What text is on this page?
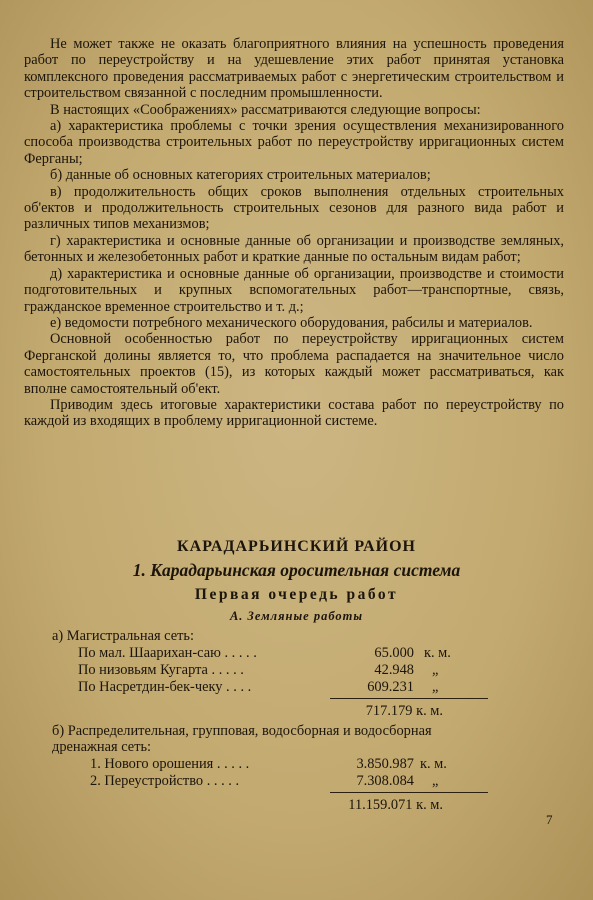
Не может также не оказать благоприятного влияния на успешность проведения работ по переустройству и на удешевление этих работ принятая установка комплексного проведения рассматриваемых работ с энергетическим строительством и строительством связанной с последним промышленности.

В настоящих «Соображениях» рассматриваются следующие вопросы:

а) характеристика проблемы с точки зрения осуществления механизированного способа производства строительных работ по переустройству ирригационных систем Ферганы;

б) данные об основных категориях строительных материалов;

в) продолжительность общих сроков выполнения отдельных строительных об'ектов и продолжительность строительных сезонов для разного вида работ и различных типов механизмов;

г) характеристика и основные данные об организации и производстве земляных, бетонных и железобетонных работ и краткие данные по остальным видам работ;

д) характеристика и основные данные об организации, производстве и стоимости подготовительных и крупных вспомогательных работ—транспортные, связь, гражданское временное строительство и т. д.;

е) ведомости потребного механического оборудования, рабсилы и материалов.

Основной особенностью работ по переустройству ирригационных систем Ферганской долины является то, что проблема распадается на значительное число самостоятельных проектов (15), из которых каждый может рассматриваться, как вполне самостоятельный об'ект.

Приводим здесь итоговые характеристики состава работ по переустройству по каждой из входящих в проблему ирригационной системе.

КАРАДАРЬИНСКИЙ РАЙОН
1. Карадарьинская оросительная система
Первая очередь работ
А. Земляные работы
а) Магистральная сеть:
По мал. Шаарихан-саю . . . . .	65.000 к. м.
По низовьям Кугарта . . . . .	42.948 „
По Насретдин-бек-чеку . . . .	609.231 „
717.179 к. м.
б) Распределительная, групповая, водосборная и водосборная дренажная сеть:
1. Нового орошения . . . . .	3.850.987 к. м.
2. Переустройство . . . . .	7.308.084 „
11.159.071 к. м.
7
